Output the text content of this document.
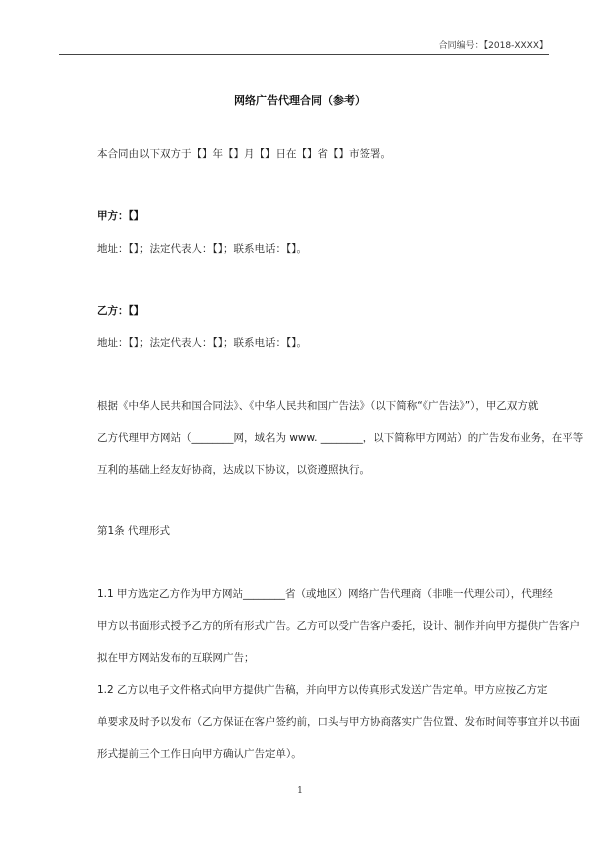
合同编号：【2018-XXXX】
网络广告代理合同（参考）
本合同由以下双方于【】年【】月【】日在【】省【】市签署。
甲方：【】
地址：【】；法定代表人：【】；联系电话：【】。
乙方：【】
地址：【】；法定代表人：【】；联系电话：【】。
根据《中华人民共和国合同法》、《中华人民共和国广告法》（以下简称“《广告法》”），甲乙双方就
乙方代理甲方网站（________网，域名为 www. ________，以下简称甲方网站）的广告发布业务，在平等
互利的基础上经友好协商，达成以下协议，以资遵照执行。
第1条 代理形式
1.1 甲方选定乙方作为甲方网站________省（或地区）网络广告代理商（非唯一代理公司），代理经
甲方以书面形式授予乙方的所有形式广告。乙方可以受广告客户委托，设计、制作并向甲方提供广告客户
拟在甲方网站发布的互联网广告；
1.2 乙方以电子文件格式向甲方提供广告稿，并向甲方以传真形式发送广告定单。甲方应按乙方定
单要求及时予以发布（乙方保证在客户签约前，口头与甲方协商落实广告位置、发布时间等事宜并以书面
形式提前三个工作日向甲方确认广告定单）。
1
